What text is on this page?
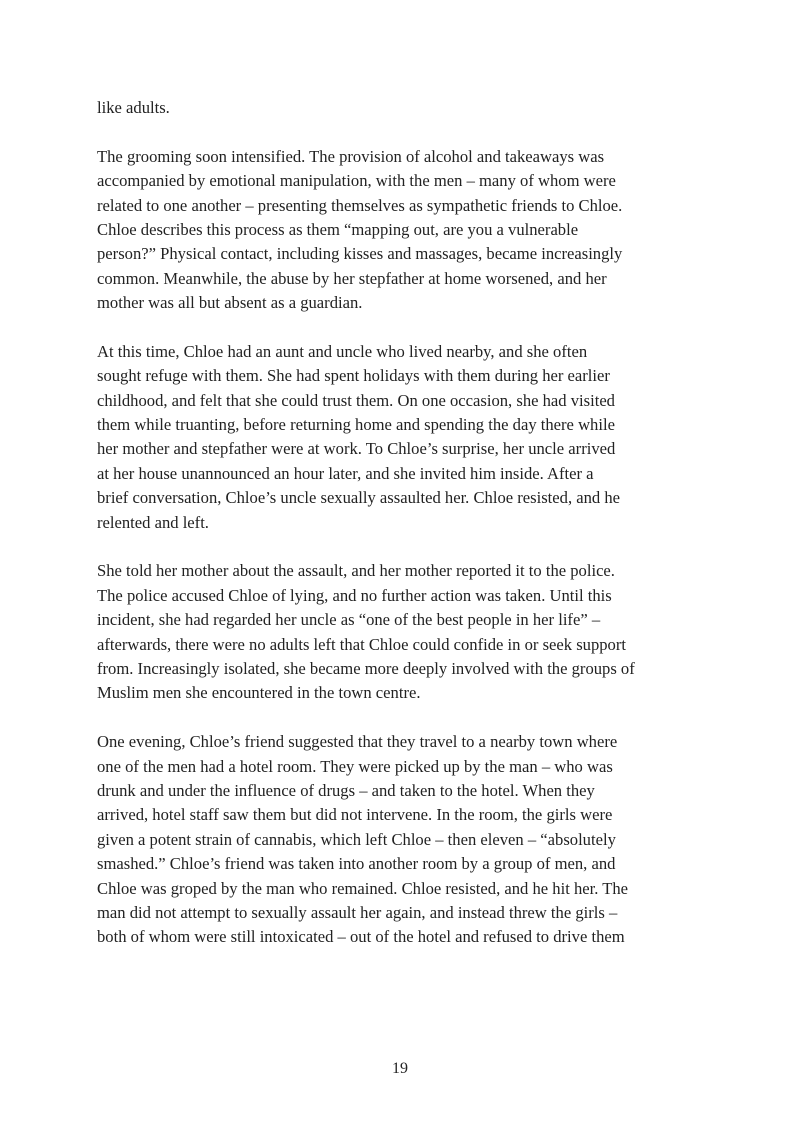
like adults.
The grooming soon intensified. The provision of alcohol and takeaways was
accompanied by emotional manipulation, with the men – many of whom were
related to one another – presenting themselves as sympathetic friends to Chloe.
Chloe describes this process as them “mapping out, are you a vulnerable
person?” Physical contact, including kisses and massages, became increasingly
common. Meanwhile, the abuse by her stepfather at home worsened, and her
mother was all but absent as a guardian.
At this time, Chloe had an aunt and uncle who lived nearby, and she often
sought refuge with them. She had spent holidays with them during her earlier
childhood, and felt that she could trust them. On one occasion, she had visited
them while truanting, before returning home and spending the day there while
her mother and stepfather were at work. To Chloe’s surprise, her uncle arrived
at her house unannounced an hour later, and she invited him inside. After a
brief conversation, Chloe’s uncle sexually assaulted her. Chloe resisted, and he
relented and left.
She told her mother about the assault, and her mother reported it to the police.
The police accused Chloe of lying, and no further action was taken. Until this
incident, she had regarded her uncle as “one of the best people in her life” –
afterwards, there were no adults left that Chloe could confide in or seek support
from. Increasingly isolated, she became more deeply involved with the groups of
Muslim men she encountered in the town centre.
One evening, Chloe’s friend suggested that they travel to a nearby town where
one of the men had a hotel room. They were picked up by the man – who was
drunk and under the influence of drugs – and taken to the hotel. When they
arrived, hotel staff saw them but did not intervene. In the room, the girls were
given a potent strain of cannabis, which left Chloe – then eleven – “absolutely
smashed.” Chloe’s friend was taken into another room by a group of men, and
Chloe was groped by the man who remained. Chloe resisted, and he hit her. The
man did not attempt to sexually assault her again, and instead threw the girls –
both of whom were still intoxicated – out of the hotel and refused to drive them
19
